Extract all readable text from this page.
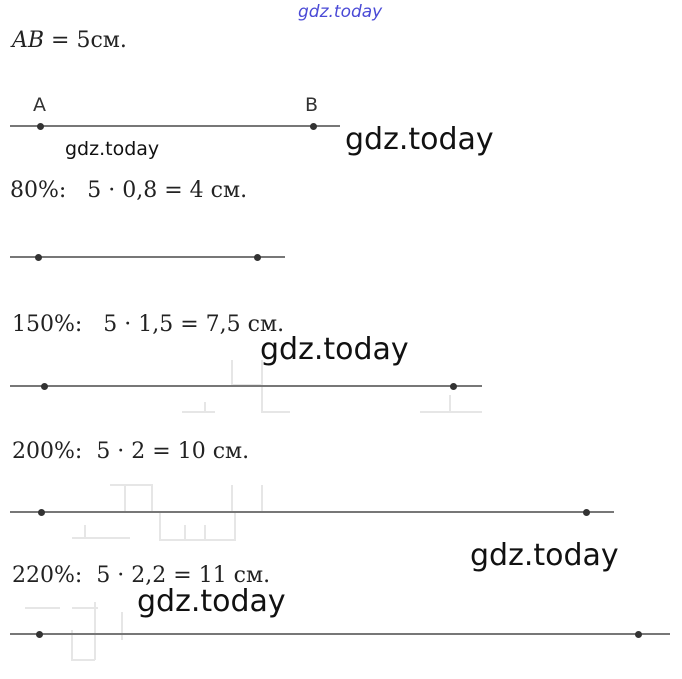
gdz.today
gdz.today	gdz.today
gdz.today
gdz.today
gdz.today
AB = 5см.
A	B
80%: 5 · 0,8 = 4 см.
150%: 5 · 1,5 = 7,5 см.
200%: 5 · 2 = 10 см.
220%: 5 · 2,2 = 11 см.
